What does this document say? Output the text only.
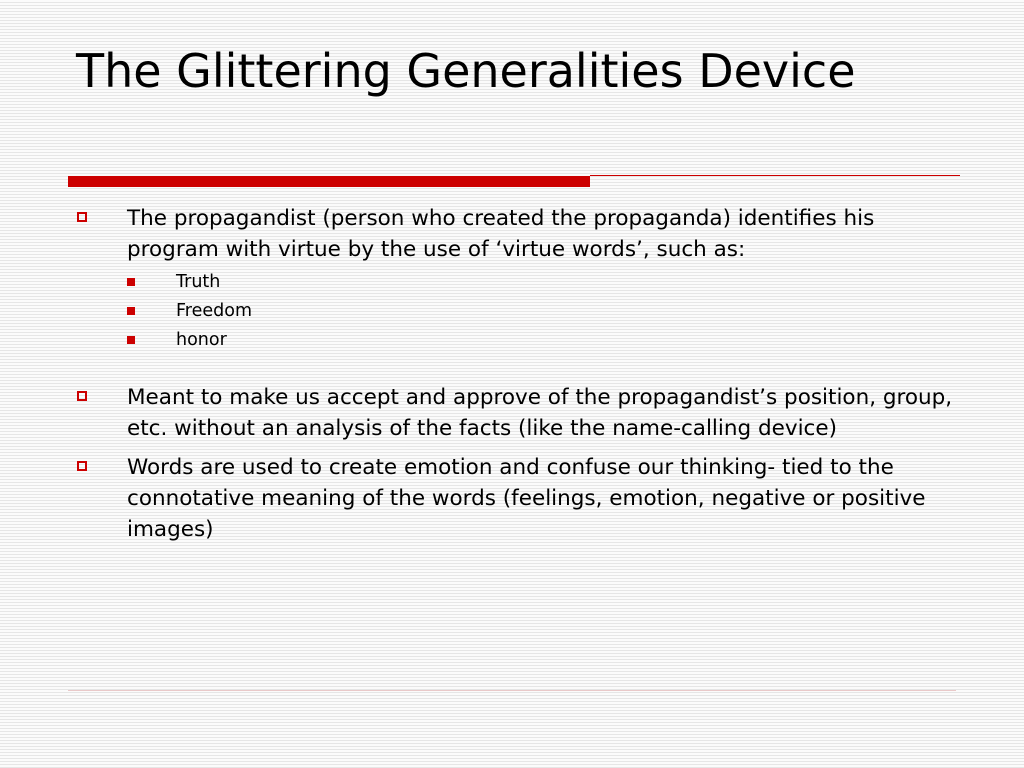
The Glittering Generalities Device
The propagandist (person who created the propaganda) identifies his program with virtue by the use of ‘virtue words’, such as:
Truth
Freedom
honor
Meant to make us accept and approve of the propagandist’s position, group, etc. without an analysis of the facts (like the name-calling device)
Words are used to create emotion and confuse our thinking- tied to the connotative meaning of the words (feelings, emotion, negative or positive images)
